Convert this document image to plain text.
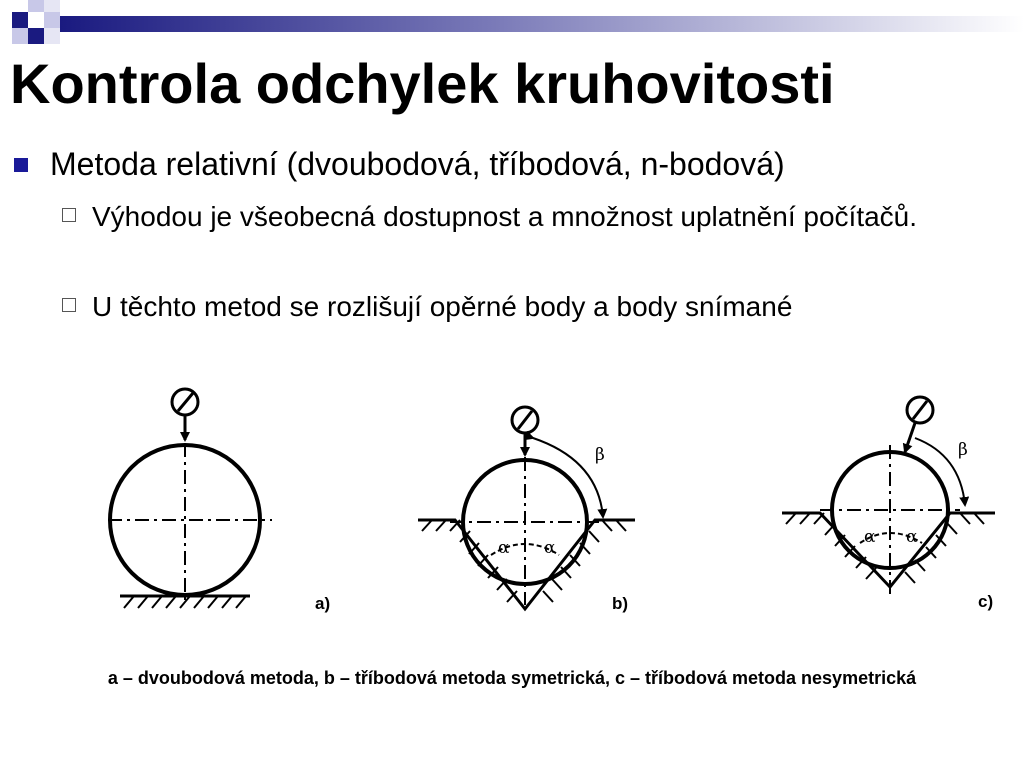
Kontrola odchylek kruhovitosti
Metoda relativní (dvoubodová, tříbodová, n-bodová)
Výhodou je všeobecná dostupnost a množnost uplatnění počítačů.
U těchto metod se rozlišují opěrné body a body snímané
a)
α α
β
b)
α α
β
c)
a – dvoubodová metoda, b – tříbodová metoda symetrická, c – tříbodová metoda nesymetrická
